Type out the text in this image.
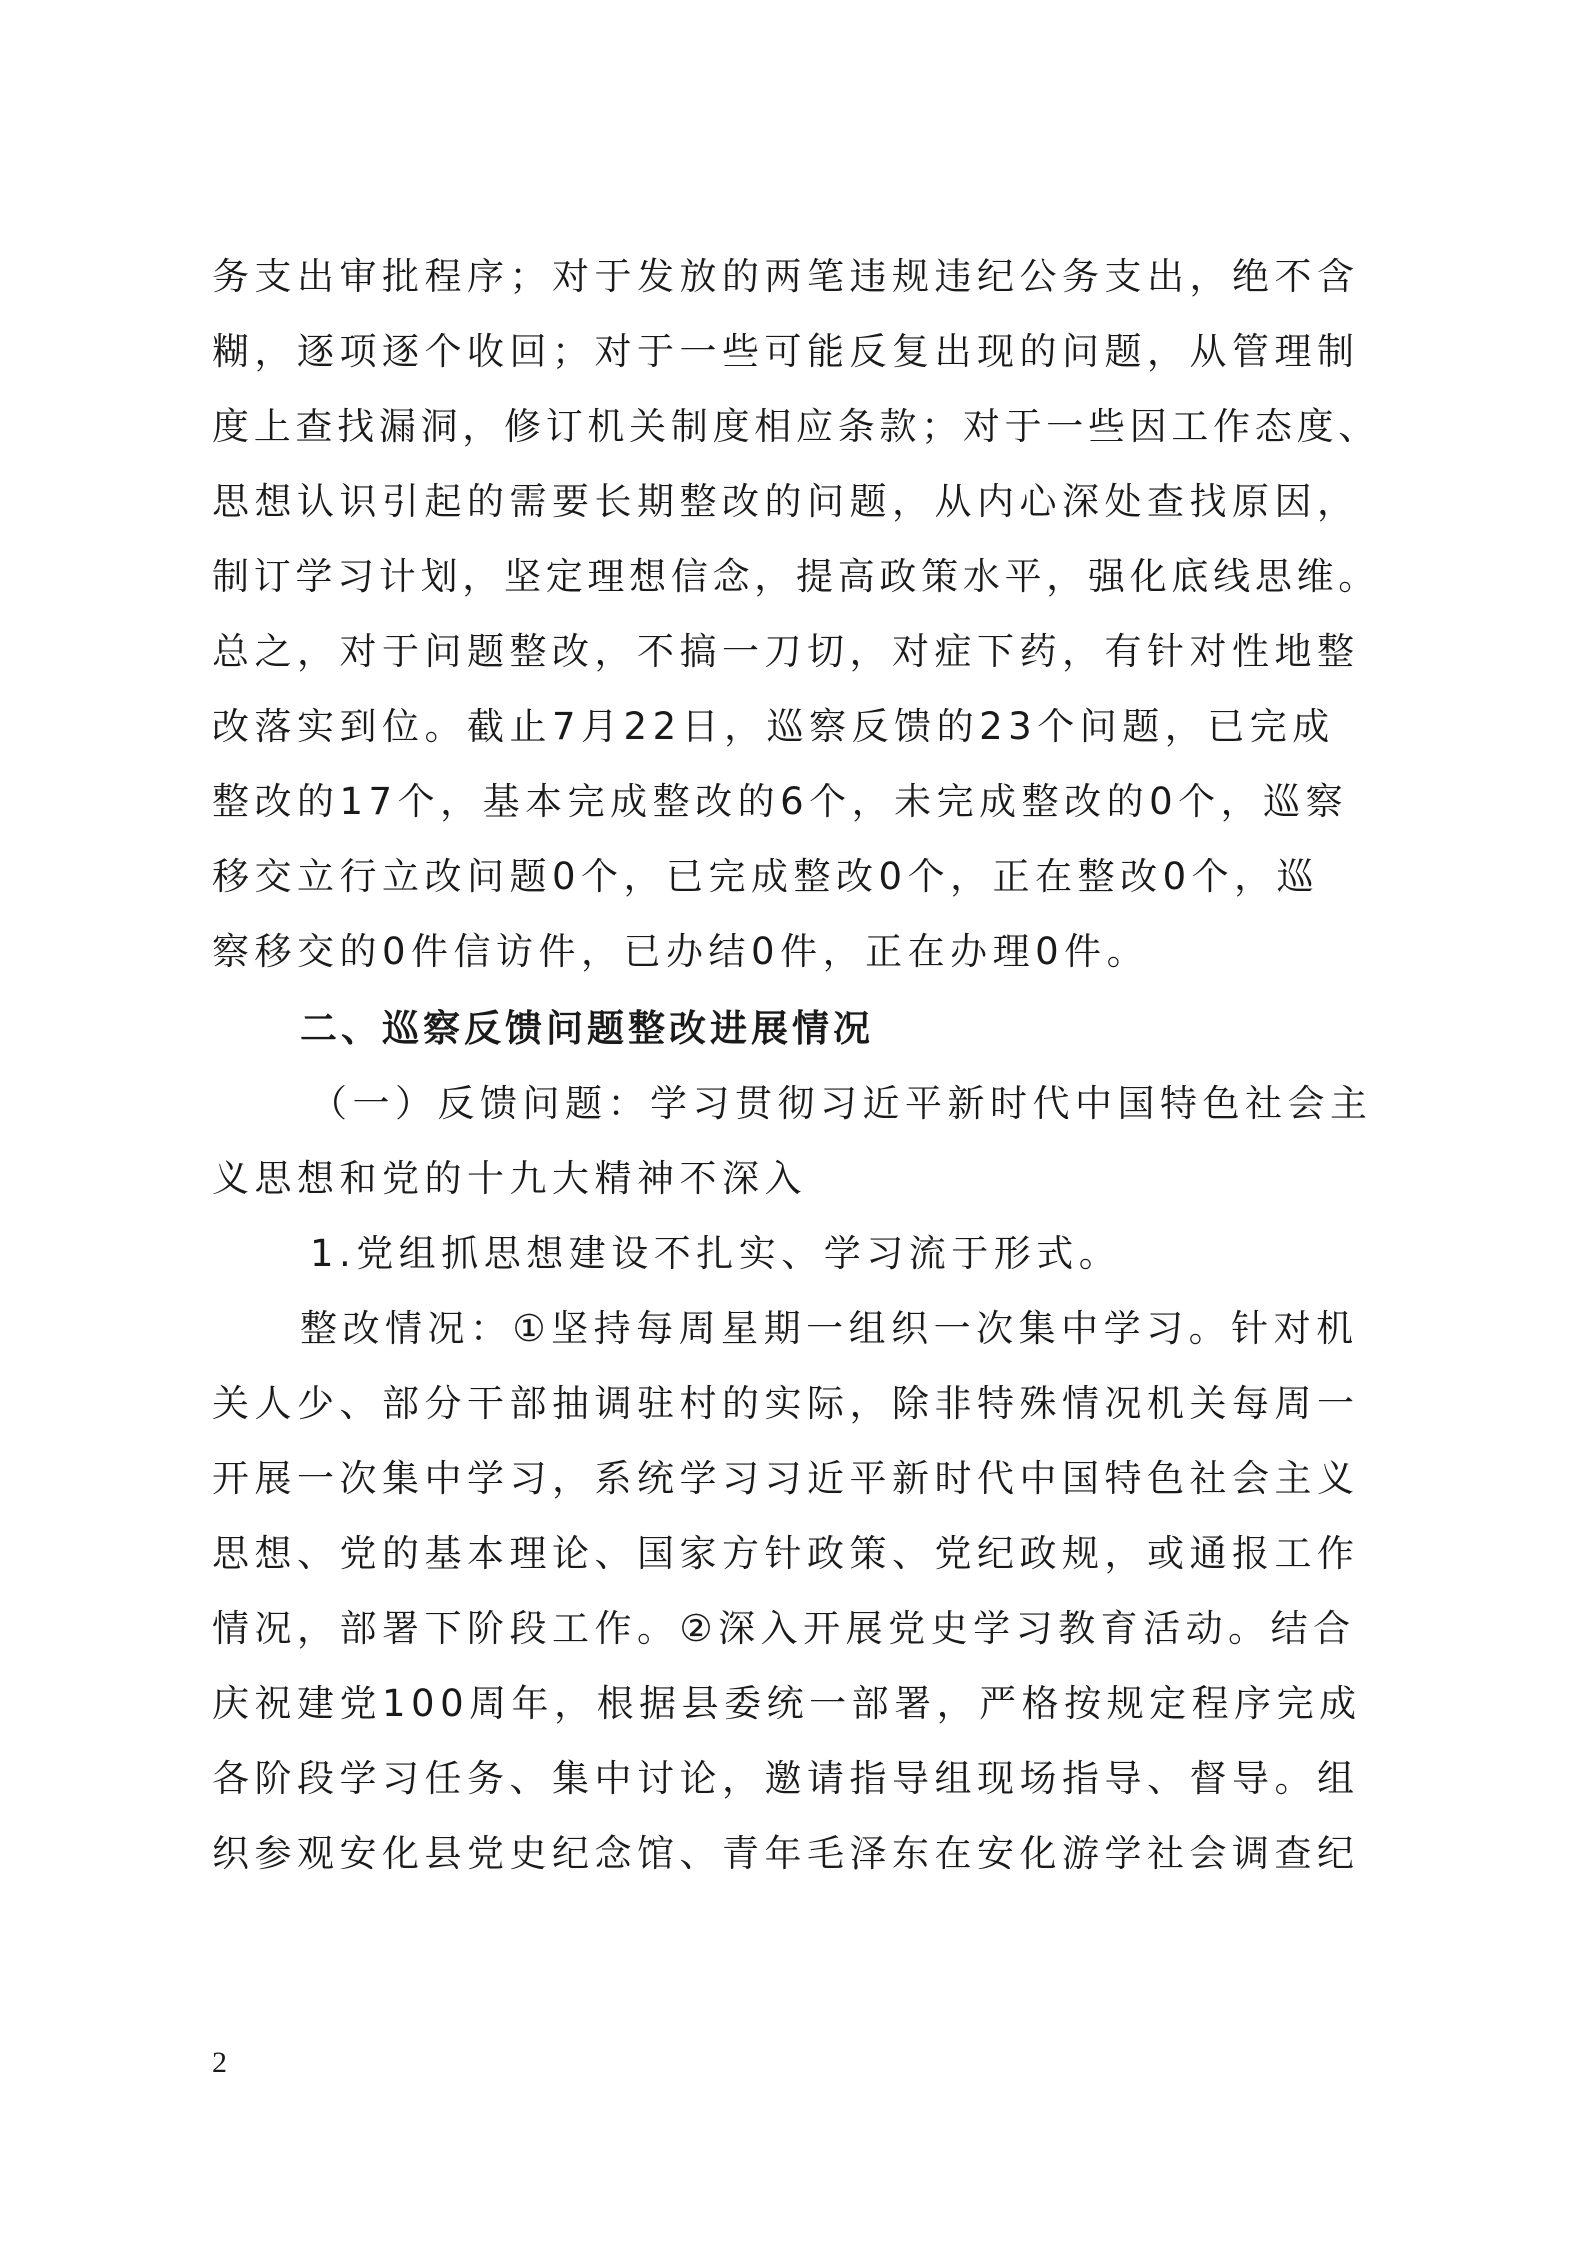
务支出审批程序；对于发放的两笔违规违纪公务支出，绝不含
糊，逐项逐个收回；对于一些可能反复出现的问题，从管理制
度上查找漏洞，修订机关制度相应条款；对于一些因工作态度、
思想认识引起的需要长期整改的问题，从内心深处查找原因，
制订学习计划，坚定理想信念，提高政策水平，强化底线思维。
总之，对于问题整改，不搞一刀切，对症下药，有针对性地整
改落实到位。截止7月22日，巡察反馈的23个问题，已完成
整改的17个，基本完成整改的6个，未完成整改的0个，巡察
移交立行立改问题0个，已完成整改0个，正在整改0个，巡
察移交的0件信访件，已办结0件，正在办理0件。
二、巡察反馈问题整改进展情况
（一）反馈问题：学习贯彻习近平新时代中国特色社会主
义思想和党的十九大精神不深入
1.党组抓思想建设不扎实、学习流于形式。
整改情况：①坚持每周星期一组织一次集中学习。针对机
关人少、部分干部抽调驻村的实际，除非特殊情况机关每周一
开展一次集中学习，系统学习习近平新时代中国特色社会主义
思想、党的基本理论、国家方针政策、党纪政规，或通报工作
情况，部署下阶段工作。②深入开展党史学习教育活动。结合
庆祝建党100周年，根据县委统一部署，严格按规定程序完成
各阶段学习任务、集中讨论，邀请指导组现场指导、督导。组
织参观安化县党史纪念馆、青年毛泽东在安化游学社会调查纪
2
